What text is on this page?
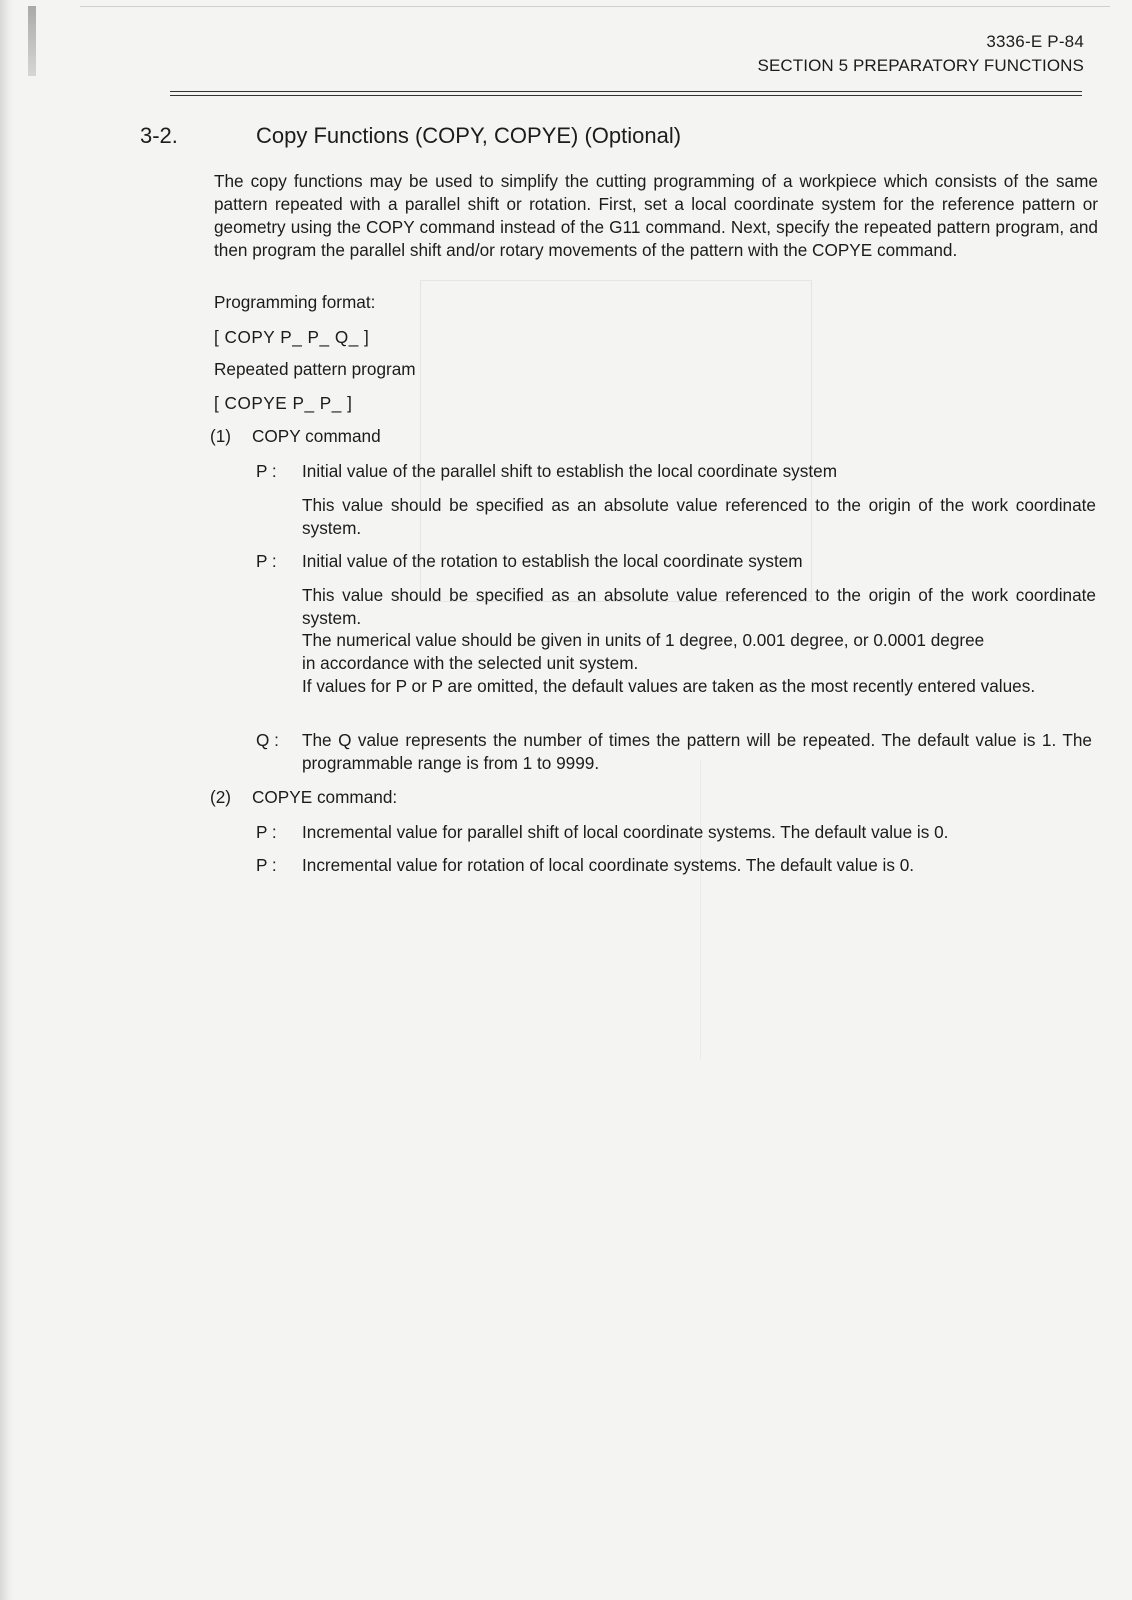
3336-E P-84
SECTION 5 PREPARATORY FUNCTIONS
3-2.	Copy Functions (COPY, COPYE) (Optional)
The copy functions may be used to simplify the cutting programming of a workpiece which consists of the same pattern repeated with a parallel shift or rotation. First, set a local coordinate system for the reference pattern or geometry using the COPY command instead of the G11 command. Next, specify the repeated pattern program, and then program the parallel shift and/or rotary movements of the pattern with the COPYE command.
Programming format:
[ COPY P_ P_ Q_ ]
Repeated pattern program
[ COPYE P_ P_ ]
(1) COPY command
P : Initial value of the parallel shift to establish the local coordinate system
This value should be specified as an absolute value referenced to the origin of the work coordinate system.
P : Initial value of the rotation to establish the local coordinate system
This value should be specified as an absolute value referenced to the origin of the work coordinate system.
The numerical value should be given in units of 1 degree, 0.001 degree, or 0.0001 degree in accordance with the selected unit system.
If values for P or P are omitted, the default values are taken as the most recently entered values.
Q : The Q value represents the number of times the pattern will be repeated. The default value is 1. The programmable range is from 1 to 9999.
(2) COPYE command:
P : Incremental value for parallel shift of local coordinate systems. The default value is 0.
P : Incremental value for rotation of local coordinate systems. The default value is 0.
